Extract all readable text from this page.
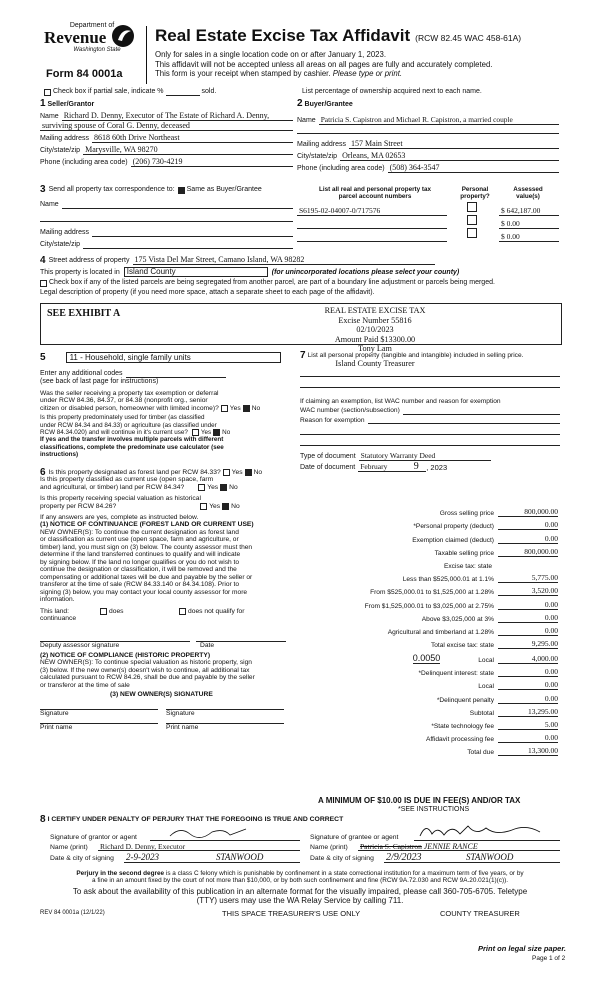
Department of
Revenue
Washington State
Form 84 0001a
Real Estate Excise Tax Affidavit (RCW 82.45 WAC 458-61A)
Only for sales in a single location code on or after January 1, 2023.
This affidavit will not be accepted unless all areas on all pages are fully and accurately completed.
This form is your receipt when stamped by cashier. Please type or print.
Check box if partial sale, indicate %	sold.	List percentage of ownership acquired next to each name.
1 Seller/Grantor
Name Richard D. Denny, Executor of The Estate of Richard A. Denny,
surviving spouse of Coral G. Denny, deceased
Mailing address 8618 60th Drive Northeast
City/state/zip Marysville, WA 98270
Phone (including area code) (206) 730-4219
2 Buyer/Grantee
Name Patricia S. Capistron and Michael R. Capistron, a married couple
Mailing address 157 Main Street
City/state/zip Orleans, MA 02653
Phone (including area code) (508) 364-3547
3 Send all property tax correspondence to: Same as Buyer/Grantee
Name
Mailing address
City/state/zip
List all real and personal property tax
parcel account numbers
Personal
property?
Assessed
value(s)
S6195-02-04007-0/717576	$ 642,187.00
$ 0.00
$ 0.00
4 Street address of property 175 Vista Del Mar Street, Camano Island, WA 98282
This property is located in Island County	(for unincorporated locations please select your county)
Check box if any of the listed parcels are being segregated from another parcel, are part of a boundary line adjustment or parcels being merged.
Legal description of property (if you need more space, attach a separate sheet to each page of the affidavit).
SEE EXHIBIT A	REAL ESTATE EXCISE TAX
Excise Number 55816
02/10/2023
Amount Paid $13300.00
Tony Lam
Island County Treasurer
5	11 - Household, single family units
Enter any additional codes
(see back of last page for instructions)
Was the seller receiving a property tax exemption or deferral
under RCW 84.36, 84.37, or 84.38 (nonprofit org., senior
citizen or disabled person, homeowner with limited income)? Yes No
Is this property predominately used for timber (as classified
under RCW 84.34 and 84.33) or agriculture (as classified under
RCW 84.34.020) and will continue in it's current use? Yes No
If yes and the transfer involves multiple parcels with different classifications, complete the predominate use calculator (see instructions)
7 List all personal property (tangible and intangible) included in selling price.
If claiming an exemption, list WAC number and reason for exemption
WAC number (section/subsection)
Reason for exemption
Type of document Statutory Warranty Deed
Date of document February	9	, 2023
6 Is this property designated as forest land per RCW 84.33? Yes No
Is this property classified as current use (open space, farm
and agricultural, or timber) land per RCW 84.34?	Yes No
Is this property receiving special valuation as historical
property per RCW 84.26?	Yes No
If any answers are yes, complete as instructed below.
(1) NOTICE OF CONTINUANCE (FOREST LAND OR CURRENT USE)
NEW OWNER(S): To continue the current designation as forest land
or classification as current use (open space, farm and agriculture, or
timber) land, you must sign on (3) below. The county assessor must then
determine if the land transferred continues to qualify and will indicate
by signing below. If the land no longer qualifies or you do not wish to
continue the designation or classification, it will be removed and the
compensating or additional taxes will be due and payable by the seller or
transferor at the time of sale (RCW 84.33.140 or 84.34.108). Prior to
signing (3) below, you may contact your local county assessor for more
information.
This land:	does	does not qualify for
continuance
Deputy assessor signature	Date
(2) NOTICE OF COMPLIANCE (HISTORIC PROPERTY)
NEW OWNER(S): To continue special valuation as historic property, sign
(3) below. If the new owner(s) doesn't wish to continue, all additional tax
calculated pursuant to RCW 84.26, shall be due and payable by the seller
or transferor at the time of sale
(3) NEW OWNER(S) SIGNATURE
Signature	Signature
Print name	Print name
Gross selling price	800,000.00
*Personal property (deduct)	0.00
Exemption claimed (deduct)	0.00
Taxable selling price	800,000.00
Excise tax: state
Less than $525,000.01 at 1.1%	5,775.00
From $525,000.01 to $1,525,000 at 1.28%	3,520.00
From $1,525,000.01 to $3,025,000 at 2.75%	0.00
Above $3,025,000 at 3%	0.00
Agricultural and timberland at 1.28%	0.00
Total excise tax: state	9,295.00
0.0050	Local	4,000.00
*Delinquent interest: state	0.00
Local	0.00
*Delinquent penalty	0.00
Subtotal	13,295.00
*State technology fee	5.00
Affidavit processing fee	0.00
Total due	13,300.00
A MINIMUM OF $10.00 IS DUE IN FEE(S) AND/OR TAX
*SEE INSTRUCTIONS
8 I CERTIFY UNDER PENALTY OF PERJURY THAT THE FOREGOING IS TRUE AND CORRECT
Signature of grantor or agent
Name (print)	Richard D. Denny, Executor
Date & city of signing	2-9-2023	STANWOOD
Signature of grantee or agent
Name (print)	Patricia S. Capistron JENNIE RANCE
Date & city of signing	2/9/2023	STANWOOD
Perjury in the second degree is a class C felony which is punishable by confinement in a state correctional institution for a maximum term of five years, or by
a fine in an amount fixed by the court of not more than $10,000, or by both such confinement and fine (RCW 9A.72.030 and RCW 9A.20.021(1)(c)).
To ask about the availability of this publication in an alternate format for the visually impaired, please call 360-705-6705. Teletype
(TTY) users may use the WA Relay Service by calling 711.
REV 84 0001a (12/1/22)	THIS SPACE TREASURER'S USE ONLY	COUNTY TREASURER
Print on legal size paper.
Page 1 of 2
